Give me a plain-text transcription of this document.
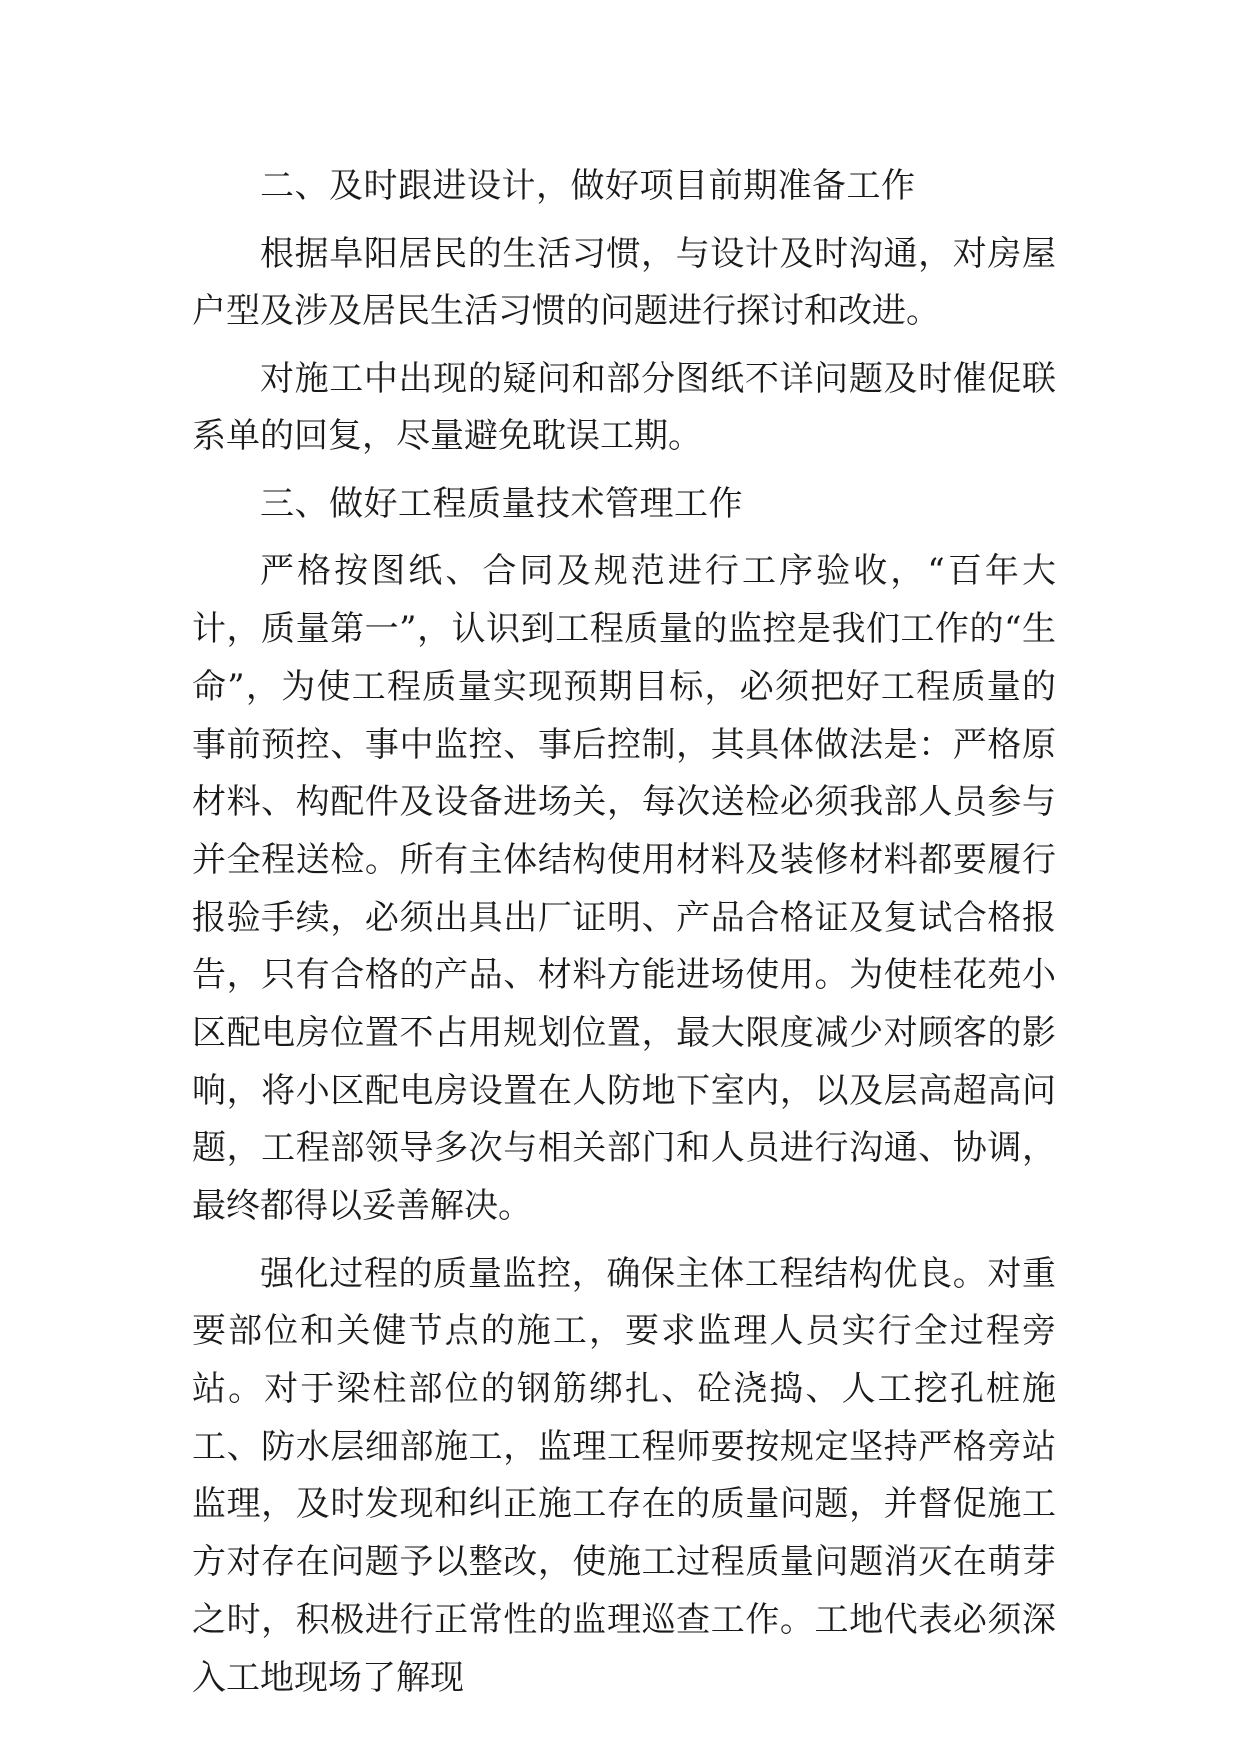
二、及时跟进设计，做好项目前期准备工作

根据阜阳居民的生活习惯，与设计及时沟通，对房屋户型及涉及居民生活习惯的问题进行探讨和改进。

对施工中出现的疑问和部分图纸不详问题及时催促联系单的回复，尽量避免耽误工期。

三、做好工程质量技术管理工作

严格按图纸、合同及规范进行工序验收，“百年大计，质量第一”，认识到工程质量的监控是我们工作的“生命”，为使工程质量实现预期目标，必须把好工程质量的事前预控、事中监控、事后控制，其具体做法是：严格原材料、构配件及设备进场关，每次送检必须我部人员参与并全程送检。所有主体结构使用材料及装修材料都要履行报验手续，必须出具出厂证明、产品合格证及复试合格报告，只有合格的产品、材料方能进场使用。为使桂花苑小区配电房位置不占用规划位置，最大限度减少对顾客的影响，将小区配电房设置在人防地下室内，以及层高超高问题，工程部领导多次与相关部门和人员进行沟通、协调，最终都得以妥善解决。

强化过程的质量监控，确保主体工程结构优良。对重要部位和关健节点的施工，要求监理人员实行全过程旁站。对于梁柱部位的钢筋绑扎、砼浇捣、人工挖孔桩施工、防水层细部施工，监理工程师要按规定坚持严格旁站监理，及时发现和纠正施工存在的质量问题，并督促施工方对存在问题予以整改，使施工过程质量问题消灭在萌芽之时，积极进行正常性的监理巡查工作。工地代表必须深入工地现场了解现
